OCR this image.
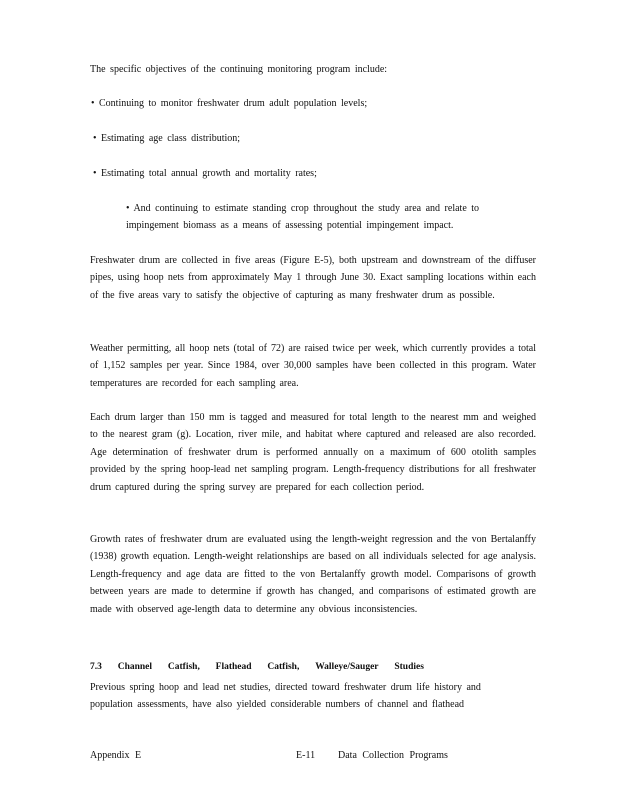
The specific objectives of the continuing monitoring program include:
• Continuing to monitor freshwater drum adult population levels;
• Estimating age class distribution;
• Estimating total annual growth and mortality rates;
• And continuing to estimate standing crop throughout the study area and relate to
impingement biomass as a means of assessing potential impingement impact.
Freshwater drum are collected in five areas (Figure E-5), both upstream and downstream of the diffuser pipes, using hoop nets from approximately May 1 through June 30. Exact sampling locations within each of the five areas vary to satisfy the objective of capturing as many freshwater drum as possible.
Weather permitting, all hoop nets (total of 72) are raised twice per week, which currently provides a total of 1,152 samples per year. Since 1984, over 30,000 samples have been collected in this program. Water temperatures are recorded for each sampling area.
Each drum larger than 150 mm is tagged and measured for total length to the nearest mm and weighed to the nearest gram (g). Location, river mile, and habitat where captured and released are also recorded. Age determination of freshwater drum is performed annually on a maximum of 600 otolith samples provided by the spring hoop-lead net sampling program. Length-frequency distributions for all freshwater drum captured during the spring survey are prepared for each collection period.
Growth rates of freshwater drum are evaluated using the length-weight regression and the von Bertalanffy (1938) growth equation. Length-weight relationships are based on all individuals selected for age analysis. Length-frequency and age data are fitted to the von Bertalanffy growth model. Comparisons of growth between years are made to determine if growth has changed, and comparisons of estimated growth are made with observed age-length data to determine any obvious inconsistencies.
7.3 Channel Catfish, Flathead Catfish, Walleye/Sauger Studies
Previous spring hoop and lead net studies, directed toward freshwater drum life history and
population assessments, have also yielded considerable numbers of channel and flathead
Appendix E	E-11 Data Collection Programs
